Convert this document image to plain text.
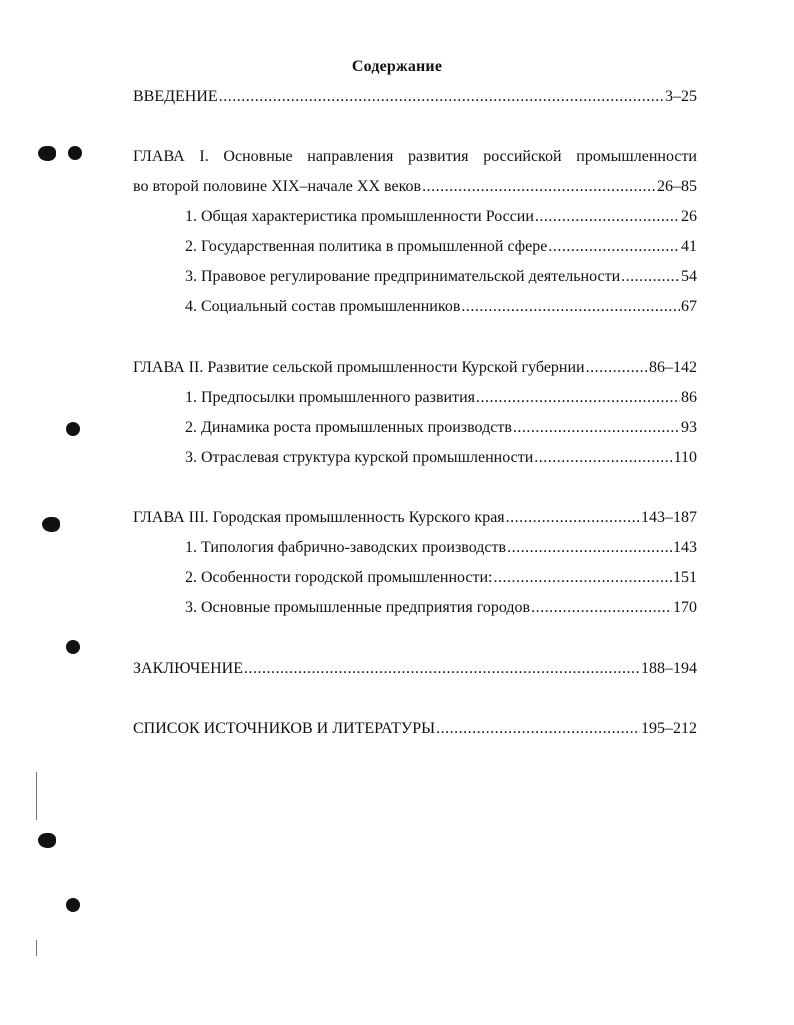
Содержание
ВВЕДЕНИЕ .....	3–25
ГЛАВА I. Основные направления развития российской промышленности
во второй половине XIX–начале XX веков .....	26–85
1. Общая характеристика промышленности России .....	26
2. Государственная политика в промышленной сфере .....	41
3. Правовое регулирование предпринимательской деятельности .....	54
4. Социальный состав промышленников .....	67
ГЛАВА II. Развитие сельской промышленности Курской губернии .....	86–142
1. Предпосылки промышленного развития .....	86
2. Динамика роста промышленных производств .....	93
3. Отраслевая структура курской промышленности .....	110
ГЛАВА III. Городская промышленность Курского края .....	143–187
1. Типология фабрично-заводских производств .....	143
2. Особенности городской промышленности: .....	151
3. Основные промышленные предприятия городов .....	170
ЗАКЛЮЧЕНИЕ .....	188–194
СПИСОК ИСТОЧНИКОВ И ЛИТЕРАТУРЫ .....	195–212
